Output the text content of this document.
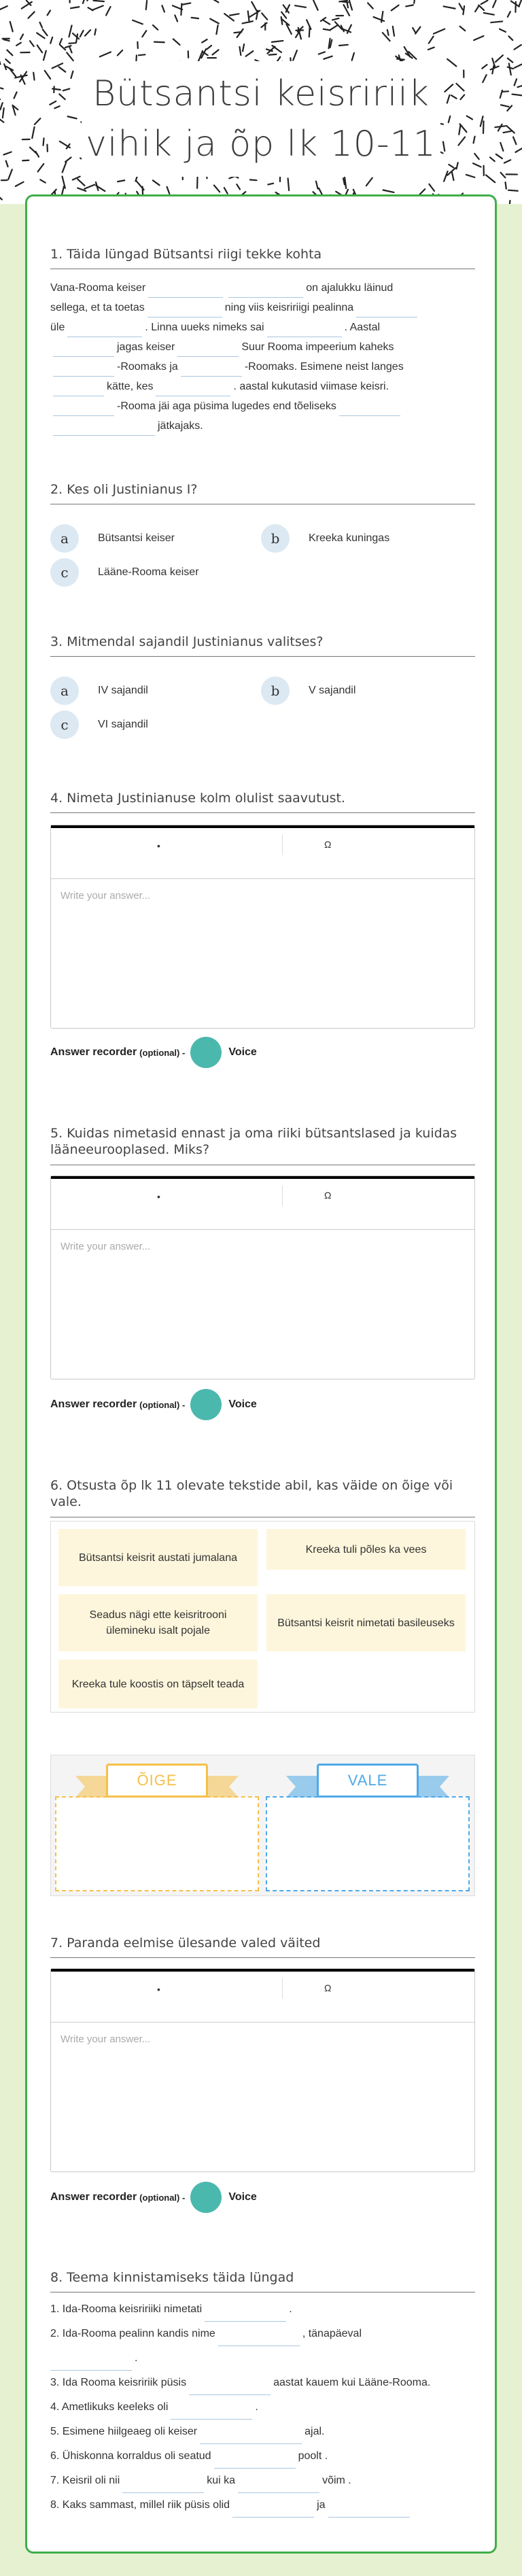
Bütsantsi keisririik vihik ja õp lk 10-11
1. Täida lüngad Bütsantsi riigi tekke kohta
Vana-Rooma keiser	on ajalukku läinud
sellega, et ta toetas	ning viis keisririigi pealinna
üle	. Linna uueks nimeks sai	. Aastal
jagas keiser	Suur Rooma impeerium kaheks
-Roomaks ja	-Roomaks. Esimene neist langes
kätte, kes	. aastal kukutasid viimase keisri.
-Rooma jäi aga püsima lugedes end tõeliseks
jätkajaks.
2. Kes oli Justinianus I?
a	Bütsantsi keiser	b	Kreeka kuningas
c	Lääne-Rooma keiser
3. Mitmendal sajandil Justinianus valitses?
a	IV sajandil	b	V sajandil
c	VI sajandil
4. Nimeta Justinianuse kolm olulist saavutust.
•	Ω
Write your answer...
Answer recorder (optional) -	Voice
5. Kuidas nimetasid ennast ja oma riiki bütsantslased ja kuidas lääneeurooplased. Miks?
•	Ω
Write your answer...
Answer recorder (optional) -	Voice
6. Otsusta õp lk 11 olevate tekstide abil, kas väide on õige või vale.
Bütsantsi keisrit austati jumalana
Kreeka tuli põles ka vees
Seadus nägi ette keisritrooni ülemineku isalt pojale
Bütsantsi keisrit nimetati basileuseks
Kreeka tule koostis on täpselt teada
ÕIGE	VALE
7. Paranda eelmise ülesande valed väited
•	Ω
Write your answer...
Answer recorder (optional) -	Voice
8. Teema kinnistamiseks täida lüngad
1. Ida-Rooma keisririiki nimetati	.
2. Ida-Rooma pealinn kandis nime	, tänapäeval
.
3. Ida Rooma keisririik püsis	aastat kauem kui Lääne-Rooma.
4. Ametlikuks keeleks oli	.
5. Esimene hiilgeaeg oli keiser	ajal.
6. Ühiskonna korraldus oli seatud	poolt .
7. Keisril oli nii	kui ka	võim .
8. Kaks sammast, millel riik püsis olid	ja
